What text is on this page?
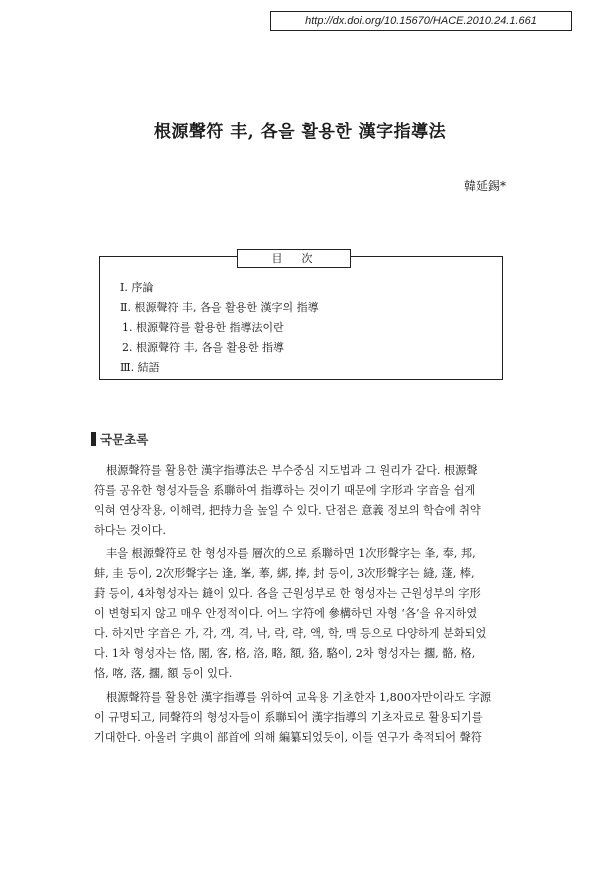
http://dx.doi.org/10.15670/HACE.2010.24.1.661
根源聲符 丰, 各을 활용한 漢字指導法
韓延錫*
Ⅰ. 序論
Ⅱ. 根源聲符 丰, 各을 활용한 漢字의 指導
1. 根源聲符를 활용한 指導法이란
2. 根源聲符 丰, 各을 활용한 指導
Ⅲ. 結語
目　次
국문초록
根源聲符를 활용한 漢字指導法은 부수중심 지도법과 그 원리가 같다. 根源聲
符를 공유한 형성자들을 系聯하여 指導하는 것이기 때문에 字形과 字音을 쉽게
익혀 연상작용, 이해력, 把持力을 높일 수 있다. 단점은 意義 정보의 학습에 취약
하다는 것이다.
丰을 根源聲符로 한 형성자를 層次的으로 系聯하면 1次形聲字는 夆, 奉, 邦,
蚌, 圭 등이, 2次形聲字는 逢, 峯, 菶, 綁, 捧, 封 등이, 3次形聲字는 縫, 蓬, 棒,
葑 등이, 4차형성자는 鏠이 있다. 各을 근원성부로 한 형성자는 근원성부의 字形
이 변형되지 않고 매우 안정적이다. 어느 字符에 參構하던 자형 ‘各’을 유지하였
다. 하지만 字音은 가, 각, 객, 격, 낙, 락, 략, 액, 학, 맥 등으로 다양하게 분화되었
다. 1차 형성자는 恪, 閣, 客, 格, 洛, 略, 額, 狢, 駱이, 2차 형성자는 擱, 骼, 格,
恪, 喀, 落, 擱, 額 등이 있다.
根源聲符를 활용한 漢字指導를 위하여 교육용 기초한자 1,800자만이라도 字源
이 규명되고, 同聲符의 형성자들이 系聯되어 漢字指導의 기초자료로 활용되기를
기대한다. 아울러 字典이 部首에 의해 編纂되었듯이, 이들 연구가 축적되어 聲符
